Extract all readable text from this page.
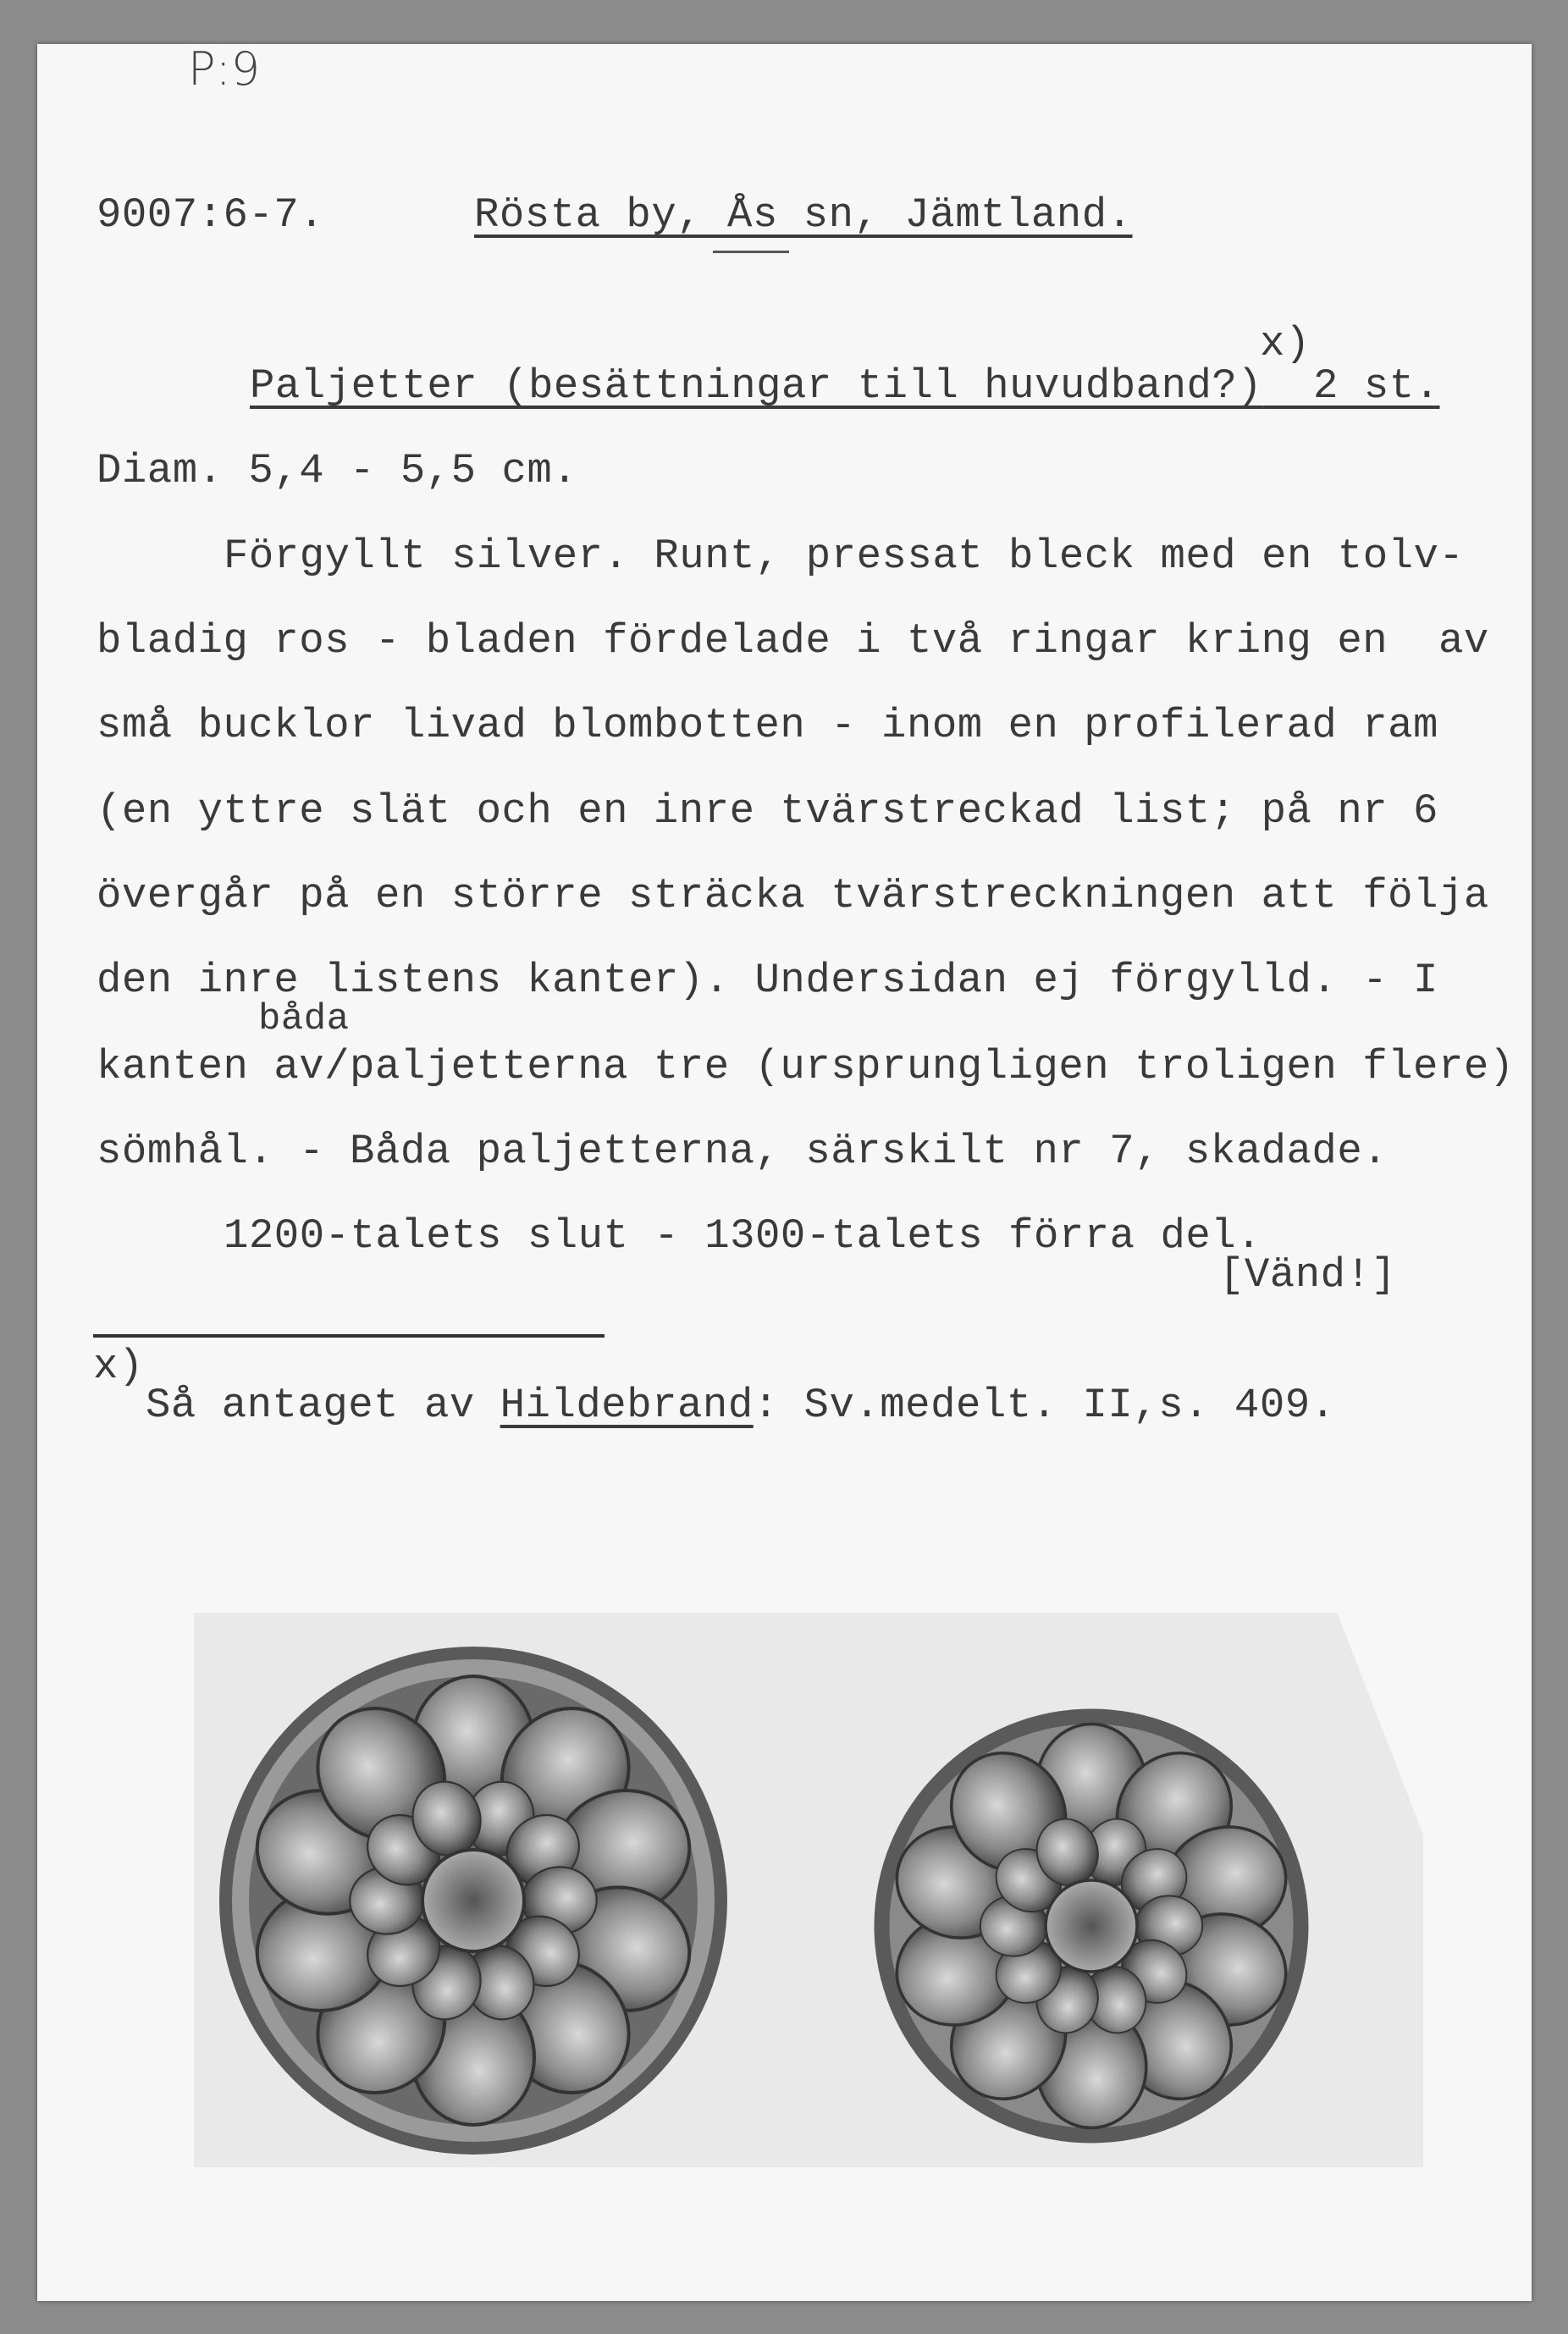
P:9
9007:6-7.	Rösta by, Ås sn, Jämtland.
x)
Paljetter (besättningar till huvudband?) 2 st.
Diam. 5,4 - 5,5 cm.
Förgyllt silver. Runt, pressat bleck med en tolv-
bladig ros - bladen fördelade i två ringar kring en  av
små bucklor livad blombotten - inom en profilerad ram
(en yttre slät och en inre tvärstreckad list; på nr 6
övergår på en större sträcka tvärstreckningen att följa
den inre listens kanter). Undersidan ej förgylld. - I
båda
kanten av/paljetterna tre (ursprungligen troligen flere)
sömhål. - Båda paljetterna, särskilt nr 7, skadade.
1200-talets slut - 1300-talets förra del.
[Vänd!]
x)
Så antaget av Hildebrand: Sv.medelt. II,s. 409.
